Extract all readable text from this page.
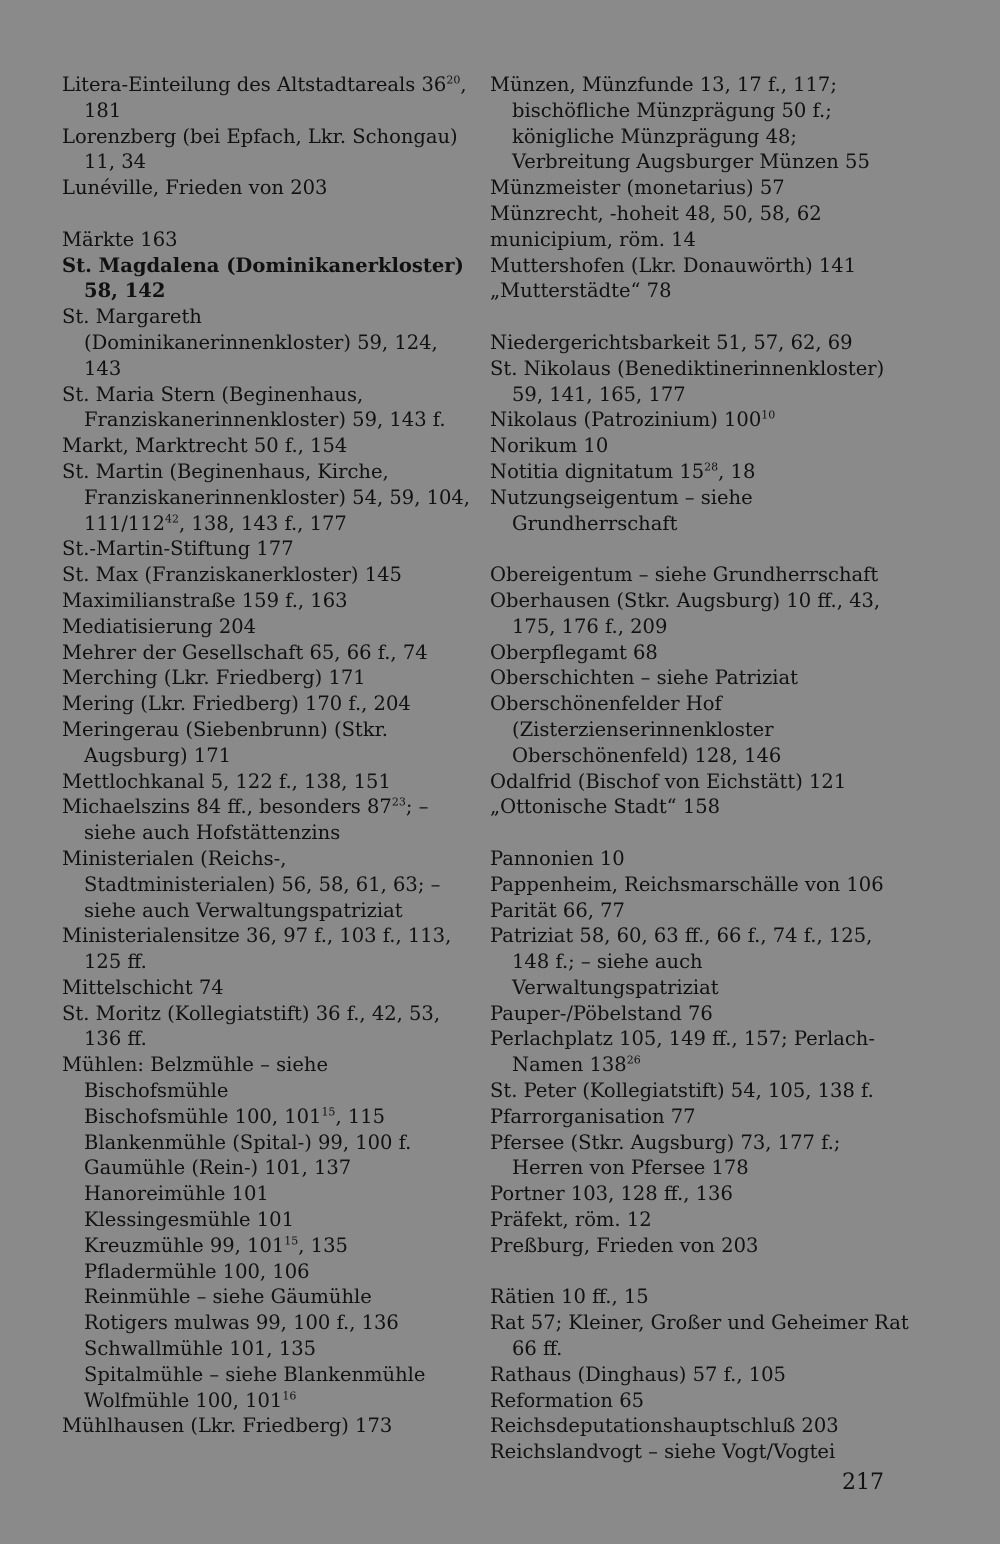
Litera-Einteilung des Altstadtareals $36^{20}$, 181
Lorenzberg (bei Epfach, Lkr. Schongau) 11, 34
Lunéville, Frieden von 203
Märkte 163
St. Magdalena (Dominikanerkloster) 58, 142
St. Margareth (Dominikanerinnenkloster) 59, 124, 143
St. Maria Stern (Beginenhaus, Franziskanerinnenkloster) 59, 143 f.
Markt, Marktrecht 50 f., 154
St. Martin (Beginenhaus, Kirche, Franziskanerinnenkloster) 54, 59, 104, $111/112^{42}$, 138, 143 f., 177
St.-Martin-Stiftung 177
St. Max (Franziskanerkloster) 145
Maximilianstraße 159 f., 163
Mediatisierung 204
Mehrer der Gesellschaft 65, 66 f., 74
Merching (Lkr. Friedberg) 171
Mering (Lkr. Friedberg) 170 f., 204
Meringerau (Siebenbrunn) (Stkr. Augsburg) 171
Mettlochkanal 5, 122 f., 138, 151
Michaelszins 84 ff., besonders $87^{23}$; – siehe auch Hofstättenzins
Ministerialen (Reichs-, Stadtministerialen) 56, 58, 61, 63; – siehe auch Verwaltungspatriziat
Ministerialensitze 36, 97 f., 103 f., 113, 125 ff.
Mittelschicht 74
St. Moritz (Kollegiatstift) 36 f., 42, 53, 136 ff.
Mühlen: Belzmühle – siehe Bischofsmühle
Bischofsmühle 100, $101^{15}$, 115
Blankenmühle (Spital-) 99, 100 f.
Gaumühle (Rein-) 101, 137
Hanoreimühle 101
Klessingesmühle 101
Kreuzmühle 99, $101^{15}$, 135
Pfladermühle 100, 106
Reinmühle – siehe Gäumühle
Rotigers mulwas 99, 100 f., 136
Schwallmühle 101, 135
Spitalmühle – siehe Blankenmühle
Wolfmühle 100, $101^{16}$
Mühlhausen (Lkr. Friedberg) 173
Münzen, Münzfunde 13, 17 f., 117; bischöfliche Münzprägung 50 f.; königliche Münzprägung 48; Verbreitung Augsburger Münzen 55
Münzmeister (monetarius) 57
Münzrecht, -hoheit 48, 50, 58, 62
municipium, röm. 14
Muttershofen (Lkr. Donauwörth) 141
„Mutterstädte“ 78
Niedergerichtsbarkeit 51, 57, 62, 69
St. Nikolaus (Benediktinerinnenkloster) 59, 141, 165, 177
Nikolaus (Patrozinium) $100^{10}$
Norikum 10
Notitia dignitatum $15^{28}$, 18
Nutzungseigentum – siehe Grundherrschaft
Obereigentum – siehe Grundherrschaft
Oberhausen (Stkr. Augsburg) 10 ff., 43, 175, 176 f., 209
Oberpflegamt 68
Oberschichten – siehe Patriziat
Oberschönenfelder Hof (Zisterzienserinnenkloster Oberschönenfeld) 128, 146
Odalfrid (Bischof von Eichstätt) 121
„Ottonische Stadt“ 158
Pannonien 10
Pappenheim, Reichsmarschälle von 106
Parität 66, 77
Patriziat 58, 60, 63 ff., 66 f., 74 f., 125, 148 f.; – siehe auch Verwaltungspatriziat
Pauper-/Pöbelstand 76
Perlachplatz 105, 149 ff., 157; Perlach-Namen $138^{26}$
St. Peter (Kollegiatstift) 54, 105, 138 f.
Pfarrorganisation 77
Pfersee (Stkr. Augsburg) 73, 177 f.; Herren von Pfersee 178
Portner 103, 128 ff., 136
Präfekt, röm. 12
Preßburg, Frieden von 203
Rätien 10 ff., 15
Rat 57; Kleiner, Großer und Geheimer Rat 66 ff.
Rathaus (Dinghaus) 57 f., 105
Reformation 65
Reichsdeputationshauptschluß 203
Reichslandvogt – siehe Vogt/Vogtei
217
